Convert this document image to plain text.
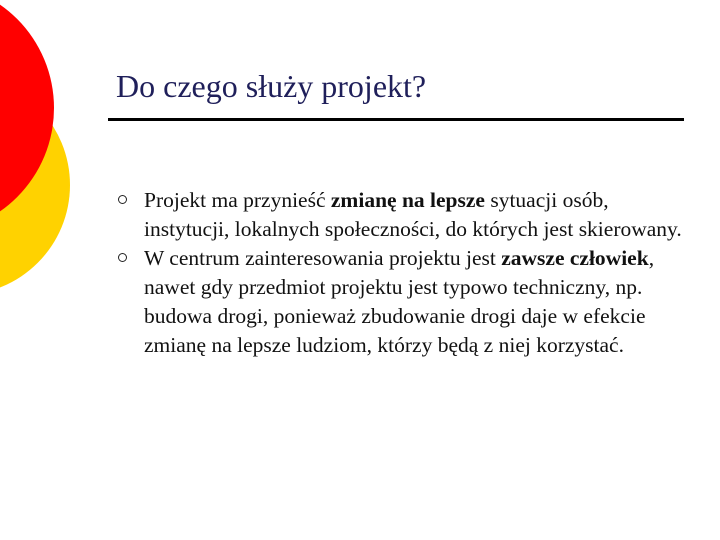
Do czego służy projekt?
Projekt ma przynieść zmianę na lepsze sytuacji osób, instytucji, lokalnych społeczności, do których jest skierowany.
W centrum zainteresowania projektu jest zawsze człowiek, nawet gdy przedmiot projektu jest typowo techniczny, np. budowa drogi, ponieważ zbudowanie drogi daje w efekcie zmianę na lepsze ludziom, którzy będą z niej korzystać.
